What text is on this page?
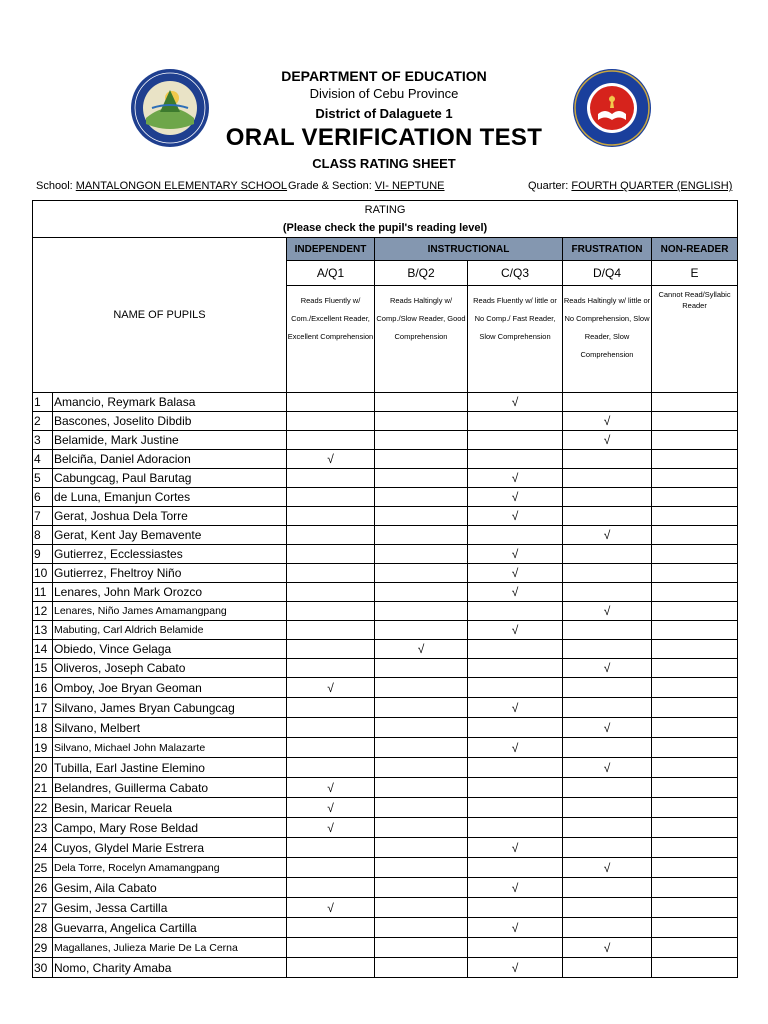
DEPARTMENT OF EDUCATION
Division of Cebu Province
District of Dalaguete 1
ORAL VERIFICATION TEST
CLASS RATING SHEET
School: MANTALONGON ELEMENTARY SCHOOL Grade & Section: VI- NEPTUNE	Quarter: FOURTH QUARTER (ENGLISH)
RATING						
(Please check the pupil's reading level)						
NAME OF PUPILS		INDEPENDENT	INSTRUCTIONAL		FRUSTRATION	NON-READER
		A/Q1	B/Q2	C/Q3	D/Q4	E
		Reads Fluently w/ Com./Excellent Reader, Excellent Comprehension	Reads Haltingly w/ Comp./Slow Reader, Good Comprehension	Reads Fluently w/ little or No Comp./ Fast Reader, Slow Comprehension	Reads Haltingly w/ little or No Comprehension, Slow Reader, Slow Comprehension	Cannot Read/Syllabic Reader
1	Amancio, Reymark Balasa			√		
2	Bascones, Joselito Dibdib				√	
3	Belamide, Mark Justine				√	
4	Belciña, Daniel Adoracion	√				
5	Cabungcag, Paul Barutag			√		
6	de Luna, Emanjun Cortes			√		
7	Gerat, Joshua Dela Torre			√		
8	Gerat, Kent Jay Bemavente				√	
9	Gutierrez, Ecclessiastes			√		
10	Gutierrez, Fheltroy Niño			√		
11	Lenares, John Mark Orozco			√		
12	Lenares, Niño James Amamangpang				√	
13	Mabuting, Carl Aldrich Belamide			√		
14	Obiedo, Vince Gelaga		√			
15	Oliveros, Joseph Cabato				√	
16	Omboy, Joe Bryan Geoman	√				
17	Silvano, James Bryan Cabungcag			√		
18	Silvano, Melbert				√	
19	Silvano, Michael John Malazarte			√		
20	Tubilla, Earl Jastine Elemino				√	
21	Belandres, Guillerma Cabato	√				
22	Besin, Maricar Reuela	√				
23	Campo, Mary Rose Beldad	√				
24	Cuyos, Glydel Marie Estrera			√		
25	Dela Torre, Rocelyn Amamangpang				√	
26	Gesim, Aila Cabato			√		
27	Gesim, Jessa Cartilla	√				
28	Guevarra, Angelica Cartilla			√		
29	Magallanes, Julieza Marie De La Cerna				√	
30	Nomo, Charity Amaba			√		
